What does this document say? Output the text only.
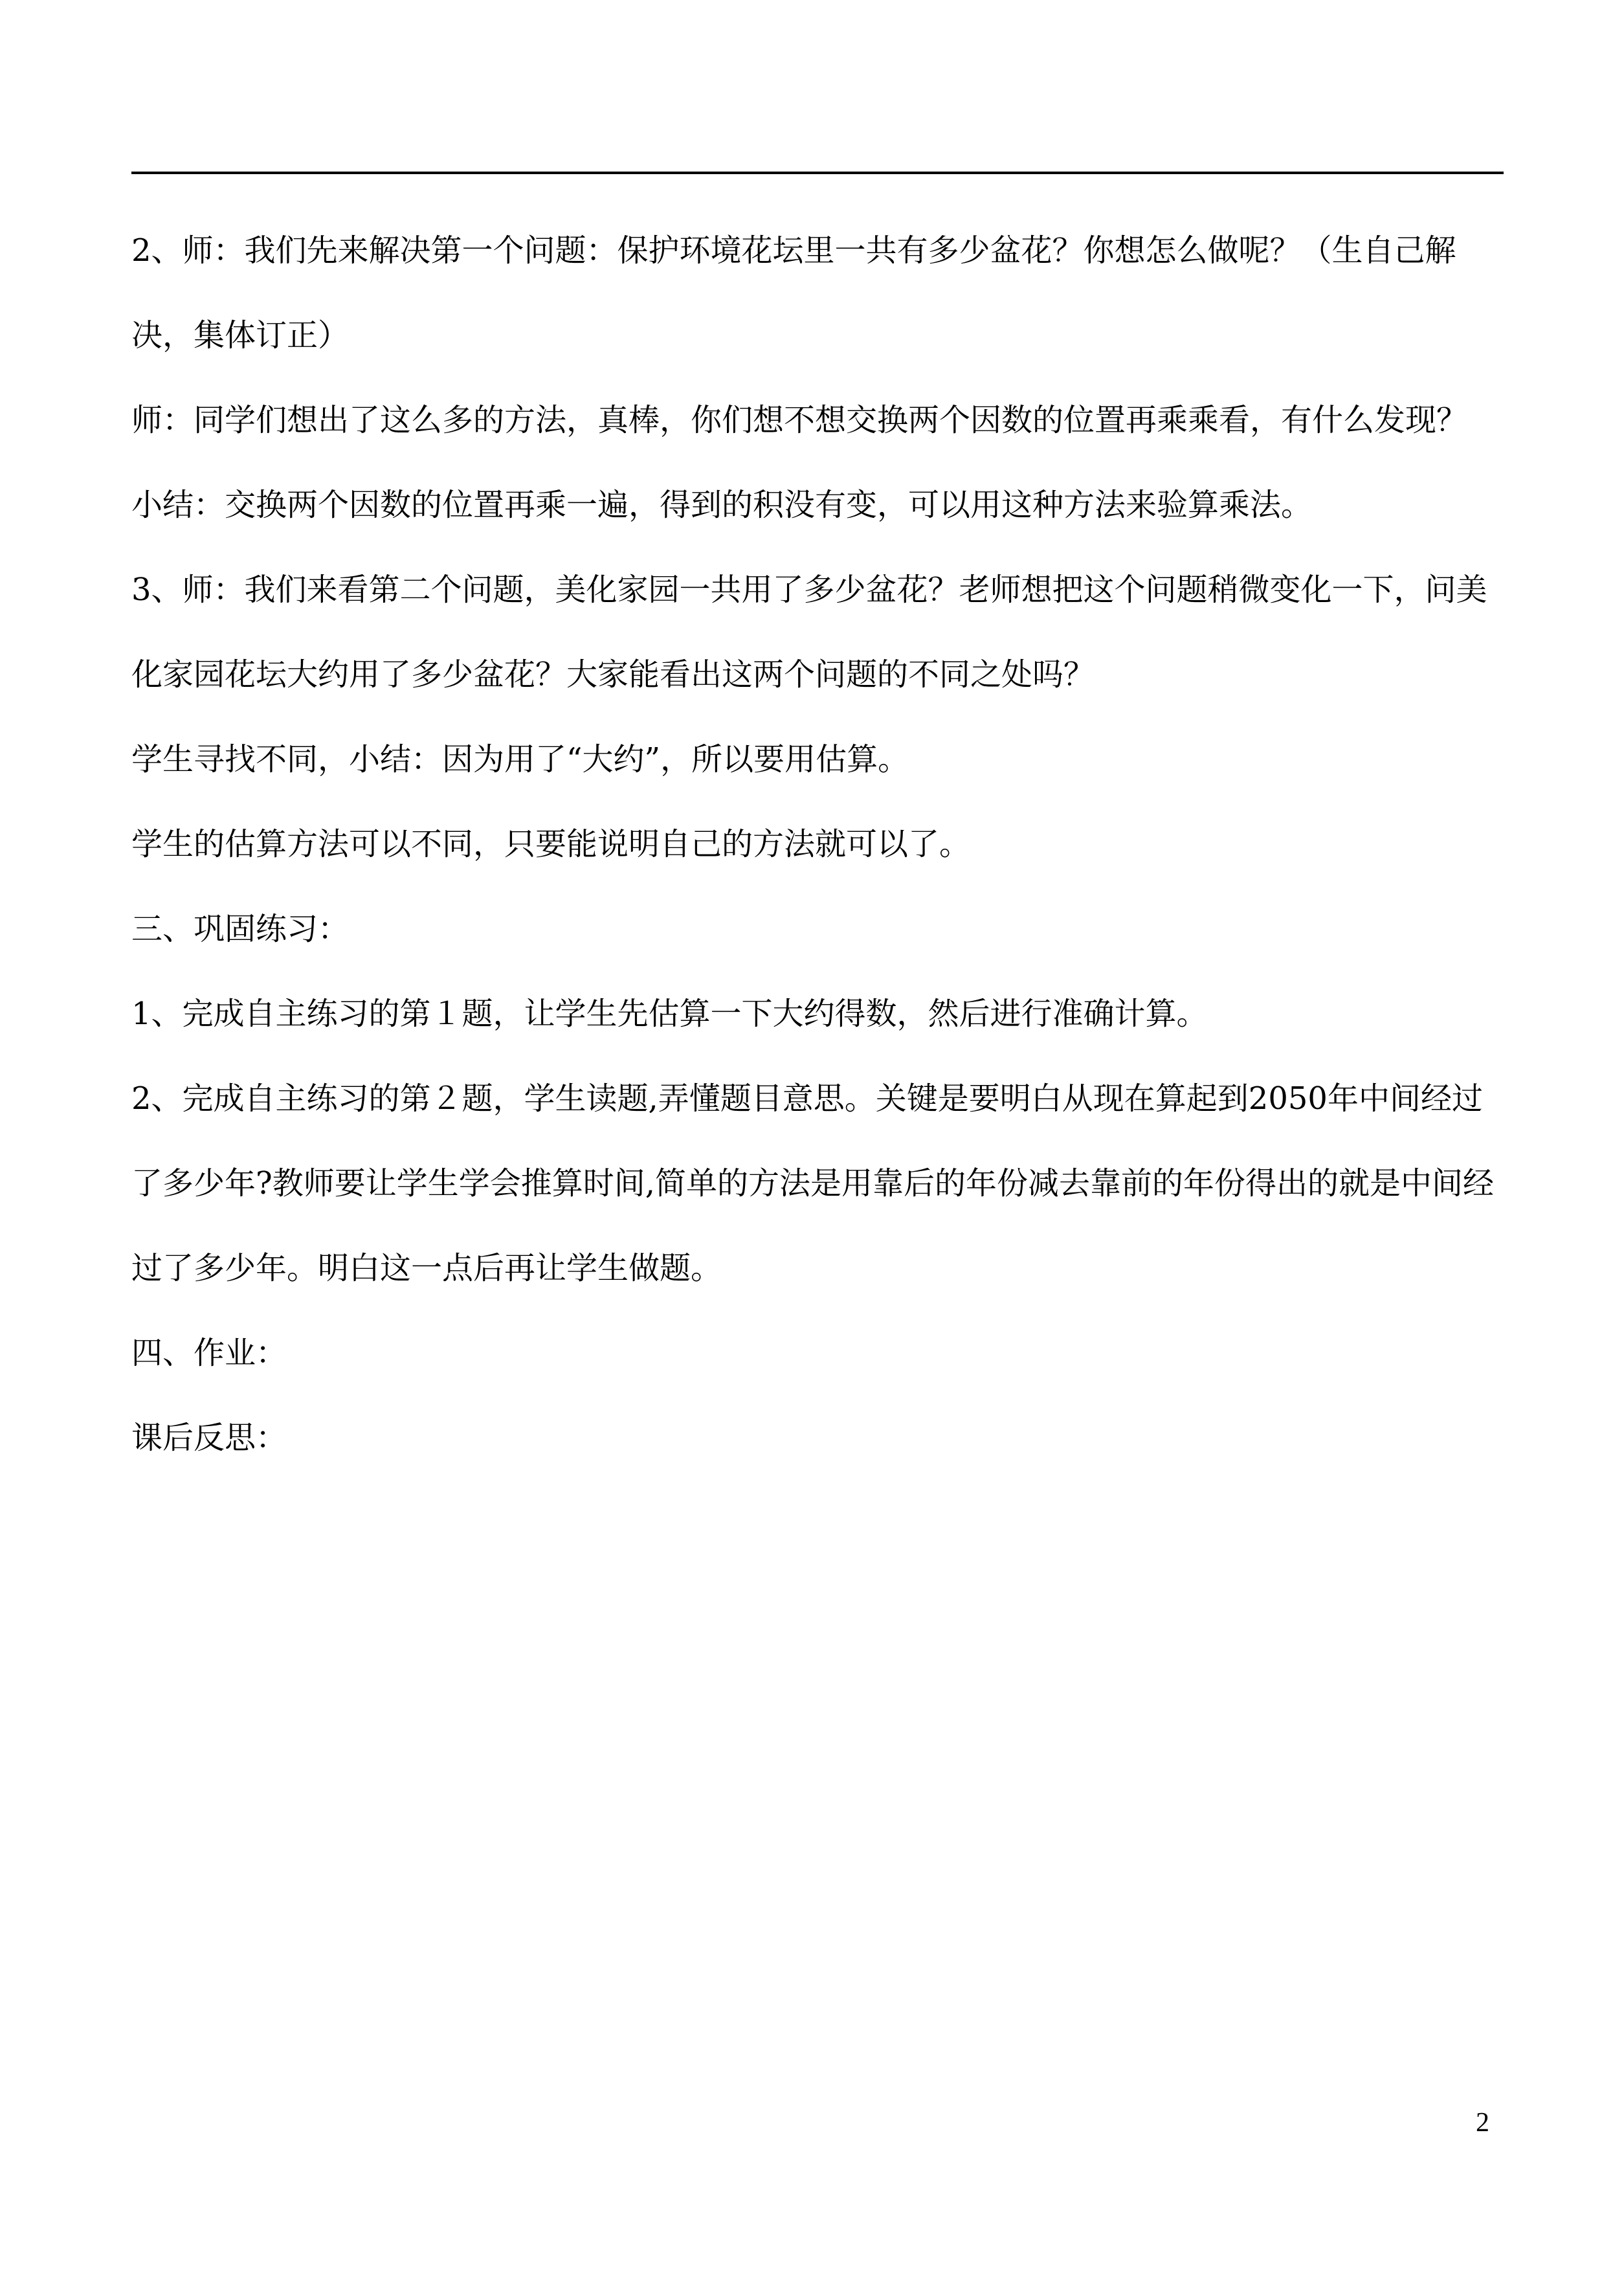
2、师：我们先来解决第一个问题：保护环境花坛里一共有多少盆花？你想怎么做呢？（生自己解决，集体订正）

师：同学们想出了这么多的方法，真棒，你们想不想交换两个因数的位置再乘乘看，有什么发现？

小结：交换两个因数的位置再乘一遍，得到的积没有变，可以用这种方法来验算乘法。

3、师：我们来看第二个问题，美化家园一共用了多少盆花？老师想把这个问题稍微变化一下，问美化家园花坛大约用了多少盆花？大家能看出这两个问题的不同之处吗？

学生寻找不同，小结：因为用了“大约”，所以要用估算。

学生的估算方法可以不同，只要能说明自己的方法就可以了。

三、巩固练习：

1、完成自主练习的第１题，让学生先估算一下大约得数，然后进行准确计算。

2、完成自主练习的第２题，学生读题,弄懂题目意思。关键是要明白从现在算起到2050年中间经过了多少年?教师要让学生学会推算时间,简单的方法是用靠后的年份减去靠前的年份得出的就是中间经过了多少年。明白这一点后再让学生做题。

四、作业：

课后反思：

2
